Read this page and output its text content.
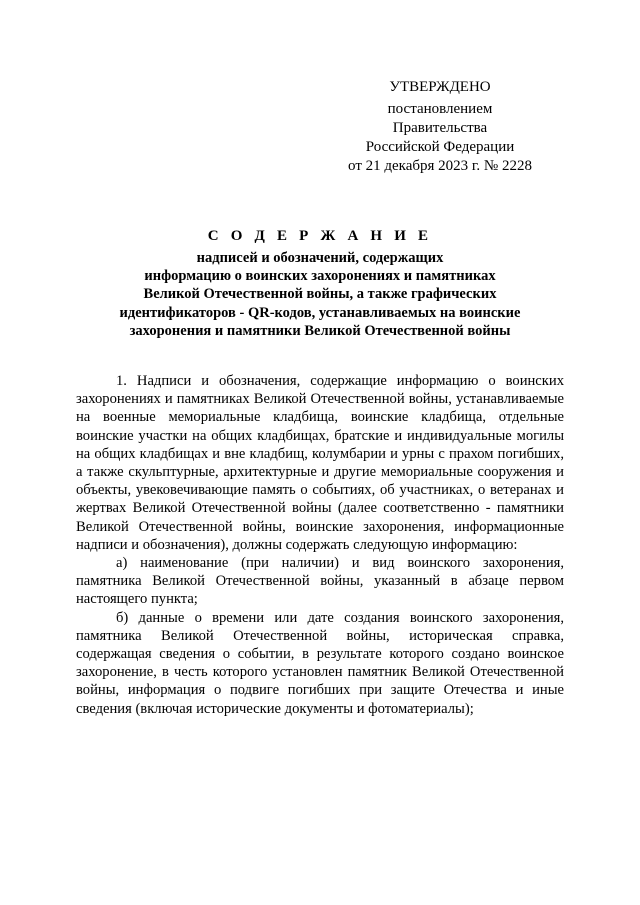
УТВЕРЖДЕНО
постановлением Правительства
Российской Федерации
от 21 декабря 2023 г. № 2228
С О Д Е Р Ж А Н И Е
надписей и обозначений, содержащих
информацию о воинских захоронениях и памятниках
Великой Отечественной войны, а также графических
идентификаторов - QR-кодов, устанавливаемых на воинские
захоронения и памятники Великой Отечественной войны

1. Надписи и обозначения, содержащие информацию о воинских захоронениях и памятниках Великой Отечественной войны, устанавливаемые на военные мемориальные кладбища, воинские кладбища, отдельные воинские участки на общих кладбищах, братские и индивидуальные могилы на общих кладбищах и вне кладбищ, колумбарии и урны с прахом погибших, а также скульптурные, архитектурные и другие мемориальные сооружения и объекты, увековечивающие память о событиях, об участниках, о ветеранах и жертвах Великой Отечественной войны (далее соответственно - памятники Великой Отечественной войны, воинские захоронения, информационные надписи и обозначения), должны содержать следующую информацию:

а) наименование (при наличии) и вид воинского захоронения, памятника Великой Отечественной войны, указанный в абзаце первом настоящего пункта;

б) данные о времени или дате создания воинского захоронения, памятника Великой Отечественной войны, историческая справка, содержащая сведения о событии, в результате которого создано воинское захоронение, в честь которого установлен памятник Великой Отечественной войны, информация о подвиге погибших при защите Отечества и иные сведения (включая исторические документы и фотоматериалы);
